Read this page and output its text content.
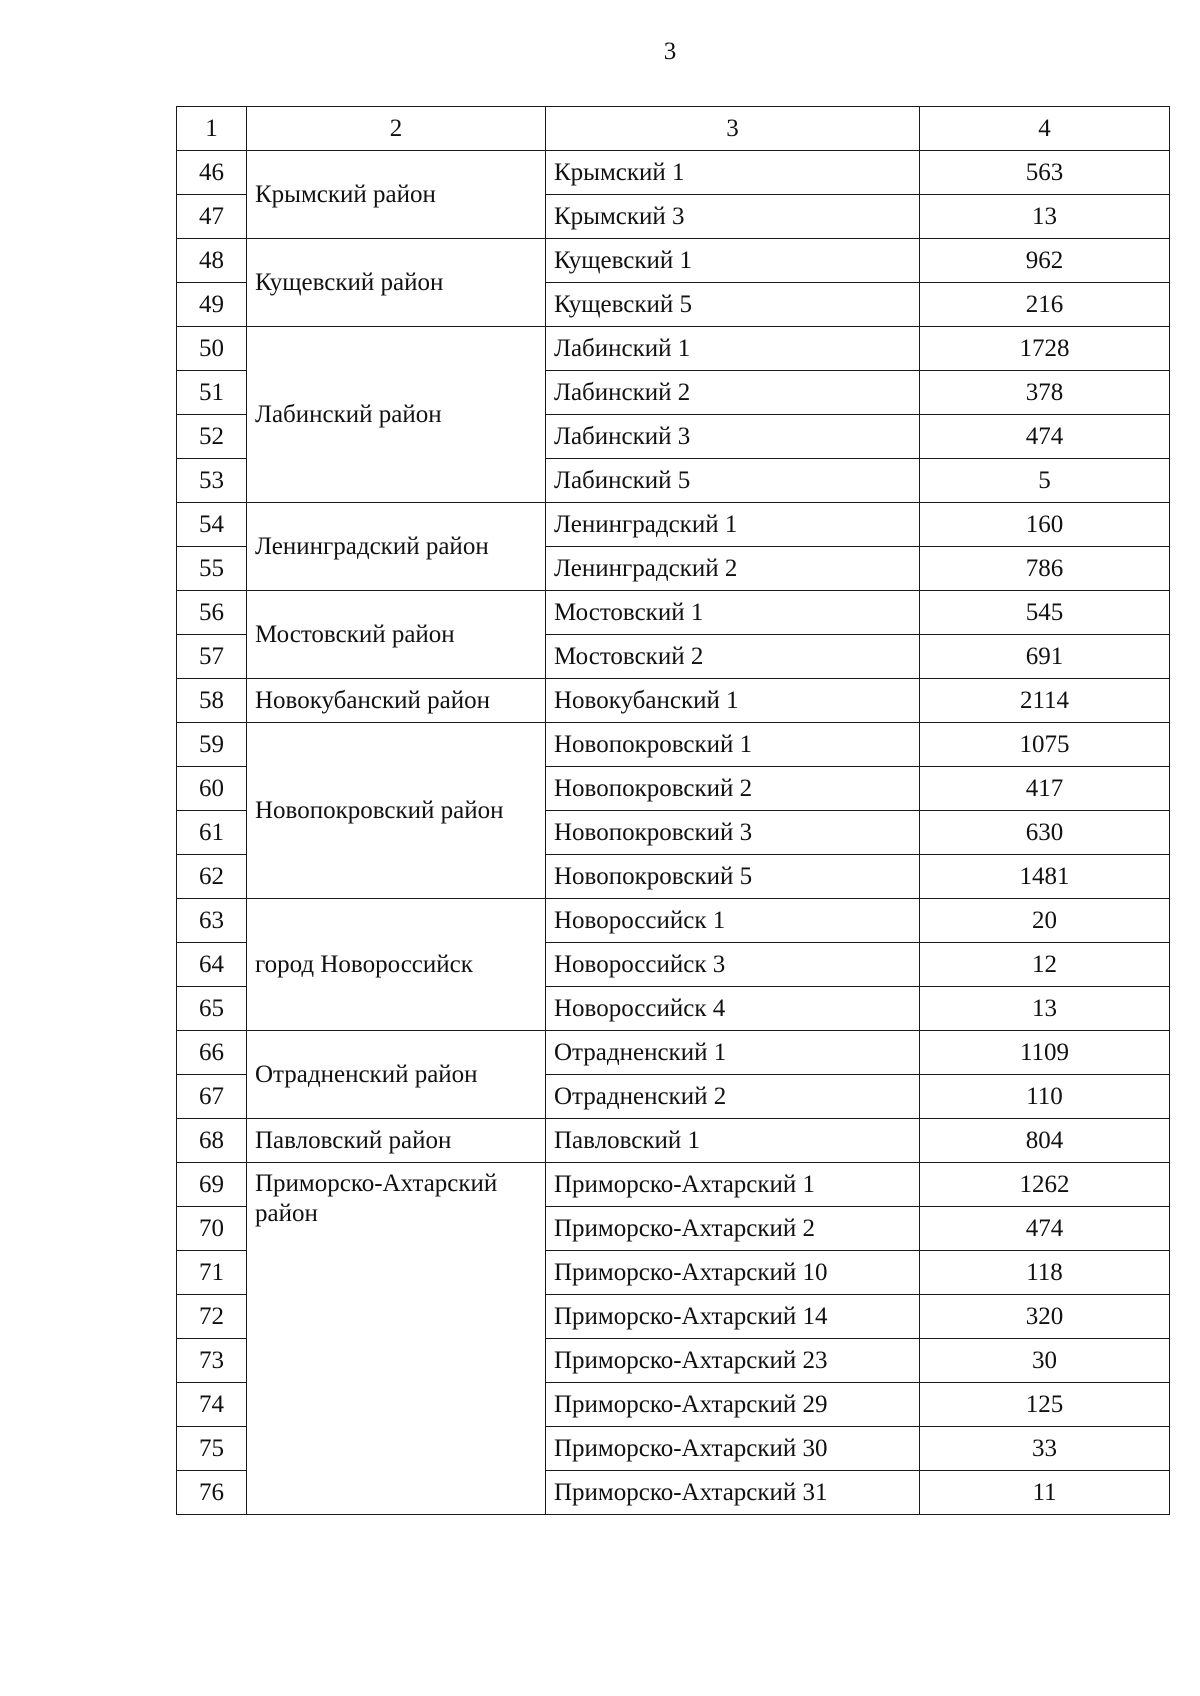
3
1	2	3	4
46	Крымский район	Крымский 1	563
47		Крымский 3	13
48	Кущевский район	Кущевский 1	962
49		Кущевский 5	216
50	Лабинский район	Лабинский 1	1728
51		Лабинский 2	378
52		Лабинский 3	474
53		Лабинский 5	5
54	Ленинградский район	Ленинградский 1	160
55		Ленинградский 2	786
56	Мостовский район	Мостовский 1	545
57		Мостовский 2	691
58	Новокубанский район	Новокубанский 1	2114
59	Новопокровский район	Новопокровский 1	1075
60		Новопокровский 2	417
61		Новопокровский 3	630
62		Новопокровский 5	1481
63	город Новороссийск	Новороссийск 1	20
64		Новороссийск 3	12
65		Новороссийск 4	13
66	Отрадненский район	Отрадненский 1	1109
67		Отрадненский 2	110
68	Павловский район	Павловский 1	804
69	Приморско-Ахтарский район	Приморско-Ахтарский 1	1262
70		Приморско-Ахтарский 2	474
71		Приморско-Ахтарский 10	118
72		Приморско-Ахтарский 14	320
73		Приморско-Ахтарский 23	30
74		Приморско-Ахтарский 29	125
75		Приморско-Ахтарский 30	33
76		Приморско-Ахтарский 31	11
